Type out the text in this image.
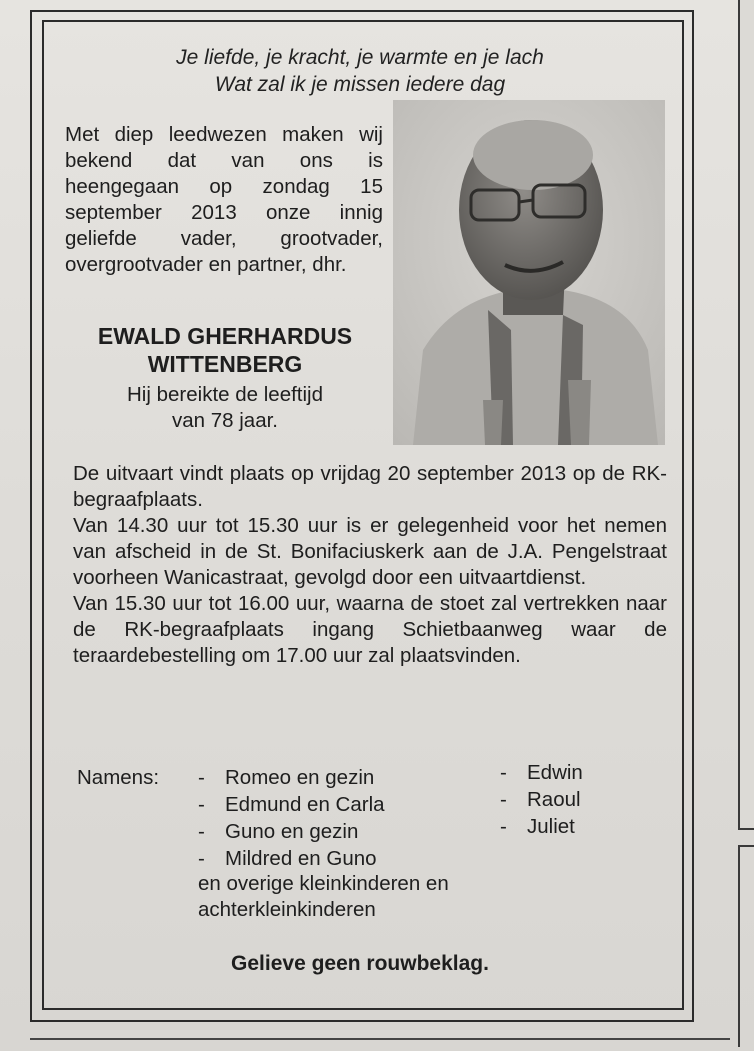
Je liefde, je kracht, je warmte en je lach
Wat zal ik je missen iedere dag
Met diep leedwezen maken wij bekend dat van ons is heengegaan op zondag 15 september 2013 onze innig geliefde vader, grootvader, overgrootvader en partner, dhr.
EWALD GHERHARDUS
WITTENBERG
Hij bereikte de leeftijd
van 78 jaar.

De uitvaart vindt plaats op vrijdag 20 september 2013 op de RK-begraafplaats.

Van 14.30 uur tot 15.30 uur is er gelegenheid voor het nemen van afscheid in de St. Bonifaciuskerk aan de J.A. Pengelstraat voorheen Wanicastraat, gevolgd door een uitvaartdienst.

Van 15.30 uur tot 16.00 uur, waarna de stoet zal vertrekken naar de RK-begraafplaats ingang Schietbaanweg waar de teraardebestelling om 17.00 uur zal plaatsvinden.

Namens: - Romeo en gezin
- Edmund en Carla
- Guno en gezin
- Mildred en Guno
- Edwin
- Raoul
- Juliet
en overige kleinkinderen en
achterkleinkinderen
Gelieve geen rouwbeklag.
